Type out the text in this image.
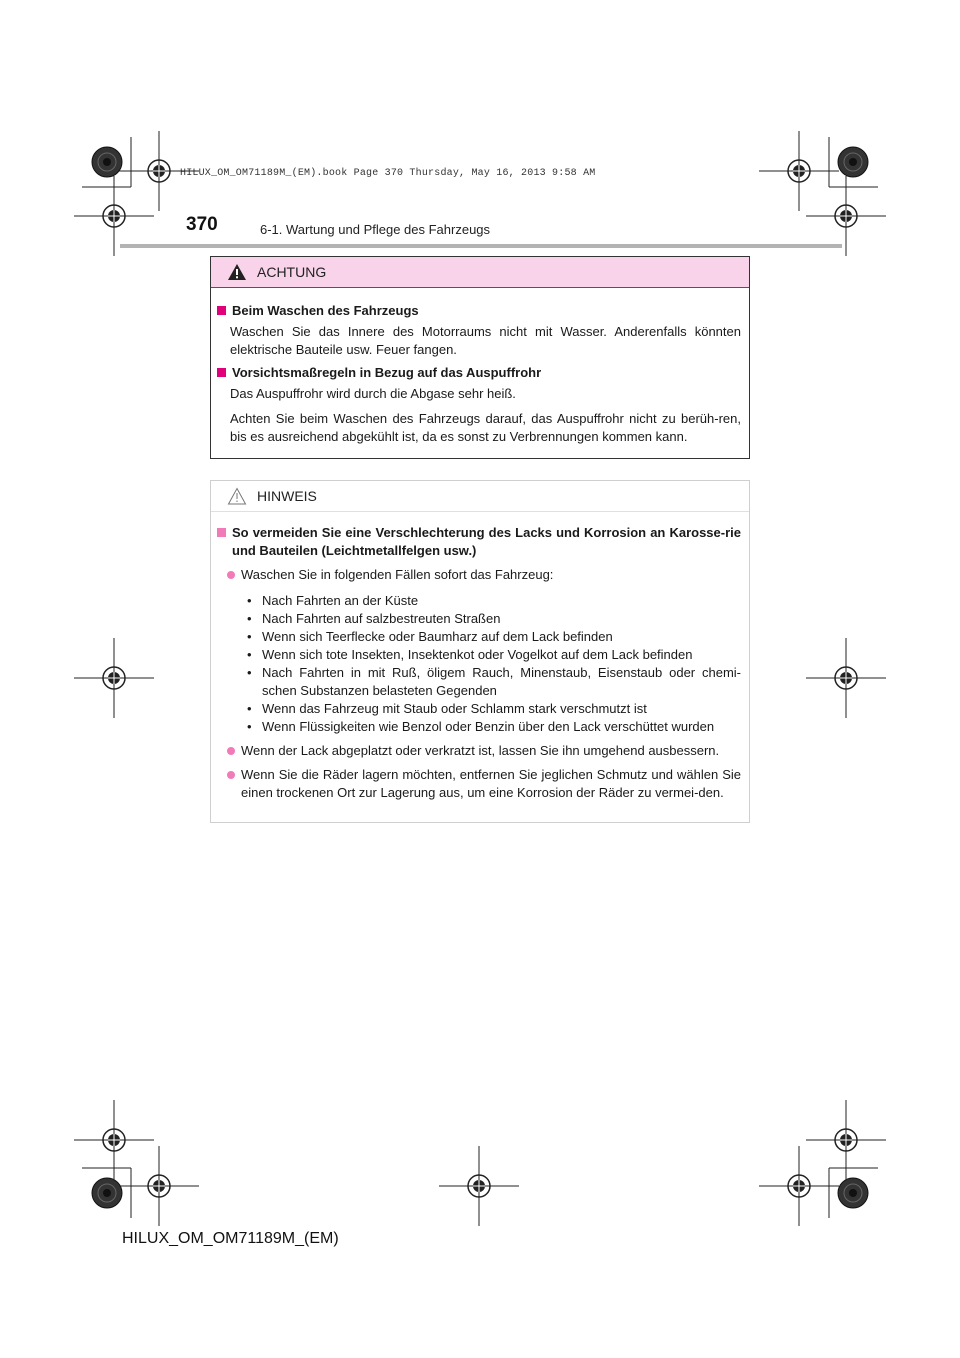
HILUX_OM_OM71189M_(EM).book Page 370 Thursday, May 16, 2013 9:58 AM
370	6-1. Wartung und Pflege des Fahrzeugs
ACHTUNG
Beim Waschen des Fahrzeugs
Waschen Sie das Innere des Motorraums nicht mit Wasser. Anderenfalls könnten elektrische Bauteile usw. Feuer fangen.
Vorsichtsmaßregeln in Bezug auf das Auspuffrohr
Das Auspuffrohr wird durch die Abgase sehr heiß.
Achten Sie beim Waschen des Fahrzeugs darauf, das Auspuffrohr nicht zu berüh-ren, bis es ausreichend abgekühlt ist, da es sonst zu Verbrennungen kommen kann.
HINWEIS
So vermeiden Sie eine Verschlechterung des Lacks und Korrosion an Karosse-rie und Bauteilen (Leichtmetallfelgen usw.)
Waschen Sie in folgenden Fällen sofort das Fahrzeug:
• Nach Fahrten an der Küste
• Nach Fahrten auf salzbestreuten Straßen
• Wenn sich Teerflecke oder Baumharz auf dem Lack befinden
• Wenn sich tote Insekten, Insektenkot oder Vogelkot auf dem Lack befinden
• Nach Fahrten in mit Ruß, öligem Rauch, Minenstaub, Eisenstaub oder chemi-schen Substanzen belasteten Gegenden
• Wenn das Fahrzeug mit Staub oder Schlamm stark verschmutzt ist
• Wenn Flüssigkeiten wie Benzol oder Benzin über den Lack verschüttet wurden
Wenn der Lack abgeplatzt oder verkratzt ist, lassen Sie ihn umgehend ausbessern.
Wenn Sie die Räder lagern möchten, entfernen Sie jeglichen Schmutz und wählen Sie einen trockenen Ort zur Lagerung aus, um eine Korrosion der Räder zu vermei-den.
HILUX_OM_OM71189M_(EM)
